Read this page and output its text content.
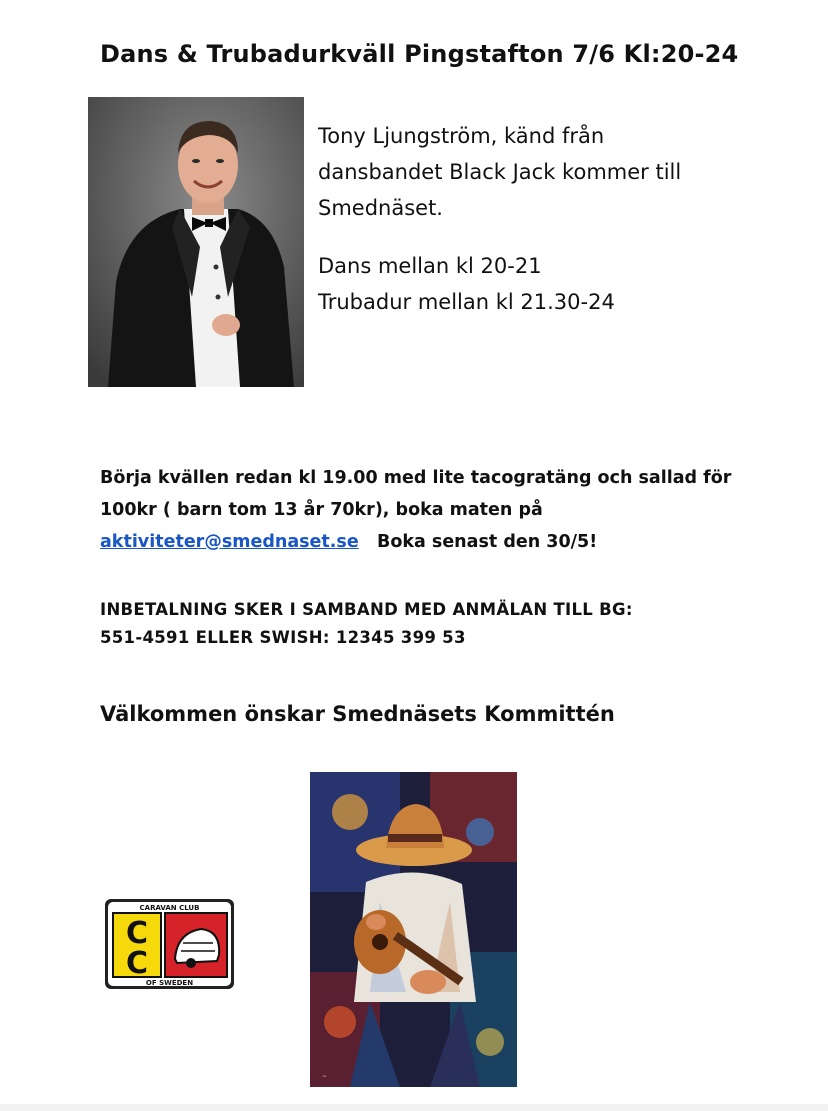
Dans & Trubadurkväll Pingstafton 7/6 Kl:20-24

Tony Ljungström, känd från

dansbandet Black Jack kommer till

Smednäset.

Dans mellan kl 20-21

Trubadur mellan kl 21.30-24

Börja kvällen redan kl 19.00 med lite tacogratäng och sallad för

100kr ( barn tom 13 år 70kr), boka maten på

aktiviteter@smednaset.se Boka senast den 30/5!

INBETALNING SKER I SAMBAND MED ANMÄLAN TILL BG:

551-4591 ELLER SWISH: 12345 399 53

Välkommen önskar Smednäsets Kommittén
CARAVAN CLUB
C
C
OF SWEDEN
~
